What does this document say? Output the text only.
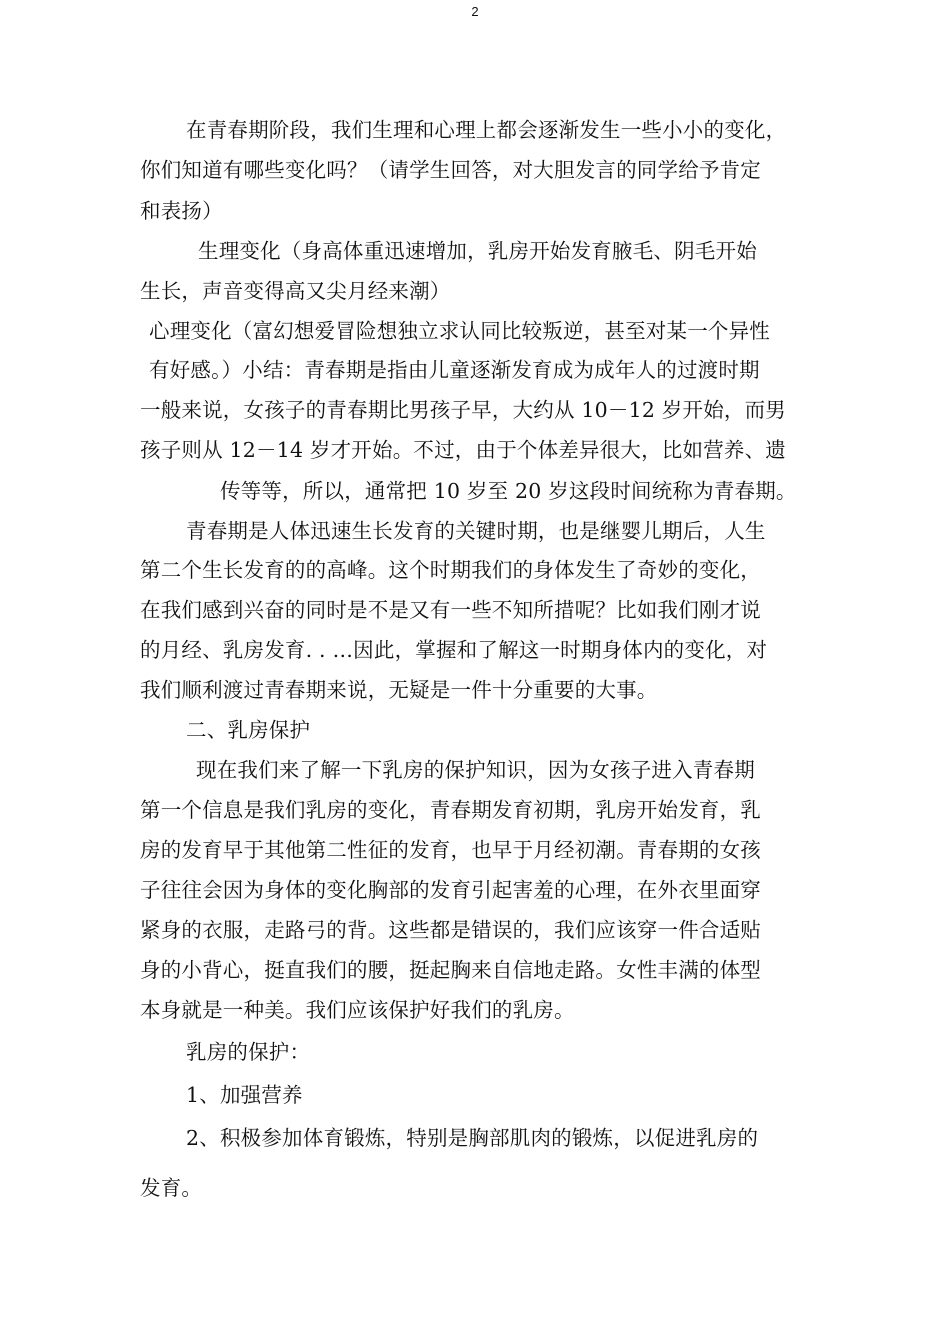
2
在青春期阶段，我们生理和心理上都会逐渐发生一些小小的变化，
你们知道有哪些变化吗？（请学生回答，对大胆发言的同学给予肯定
和表扬）
生理变化（身高体重迅速增加，乳房开始发育腋毛、阴毛开始
生长，声音变得高又尖月经来潮）
心理变化（富幻想爱冒险想独立求认同比较叛逆，甚至对某一个异性
有好感。）小结：青春期是指由儿童逐渐发育成为成年人的过渡时期
一般来说，女孩子的青春期比男孩子早，大约从 10－12 岁开始，而男
孩子则从 12－14 岁才开始。不过，由于个体差异很大，比如营养、遗
传等等，所以，通常把 10 岁至 20 岁这段时间统称为青春期。
青春期是人体迅速生长发育的关键时期，也是继婴儿期后，人生
第二个生长发育的的高峰。这个时期我们的身体发生了奇妙的变化，
在我们感到兴奋的同时是不是又有一些不知所措呢？比如我们刚才说
的月经、乳房发育. . …因此，掌握和了解这一时期身体内的变化，对
我们顺利渡过青春期来说，无疑是一件十分重要的大事。
二、乳房保护
现在我们来了解一下乳房的保护知识，因为女孩子进入青春期
第一个信息是我们乳房的变化，青春期发育初期，乳房开始发育，乳
房的发育早于其他第二性征的发育，也早于月经初潮。青春期的女孩
子往往会因为身体的变化胸部的发育引起害羞的心理，在外衣里面穿
紧身的衣服，走路弓的背。这些都是错误的，我们应该穿一件合适贴
身的小背心，挺直我们的腰，挺起胸来自信地走路。女性丰满的体型
本身就是一种美。我们应该保护好我们的乳房。
乳房的保护：
1、加强营养
2、积极参加体育锻炼，特别是胸部肌肉的锻炼，以促进乳房的
发育。
